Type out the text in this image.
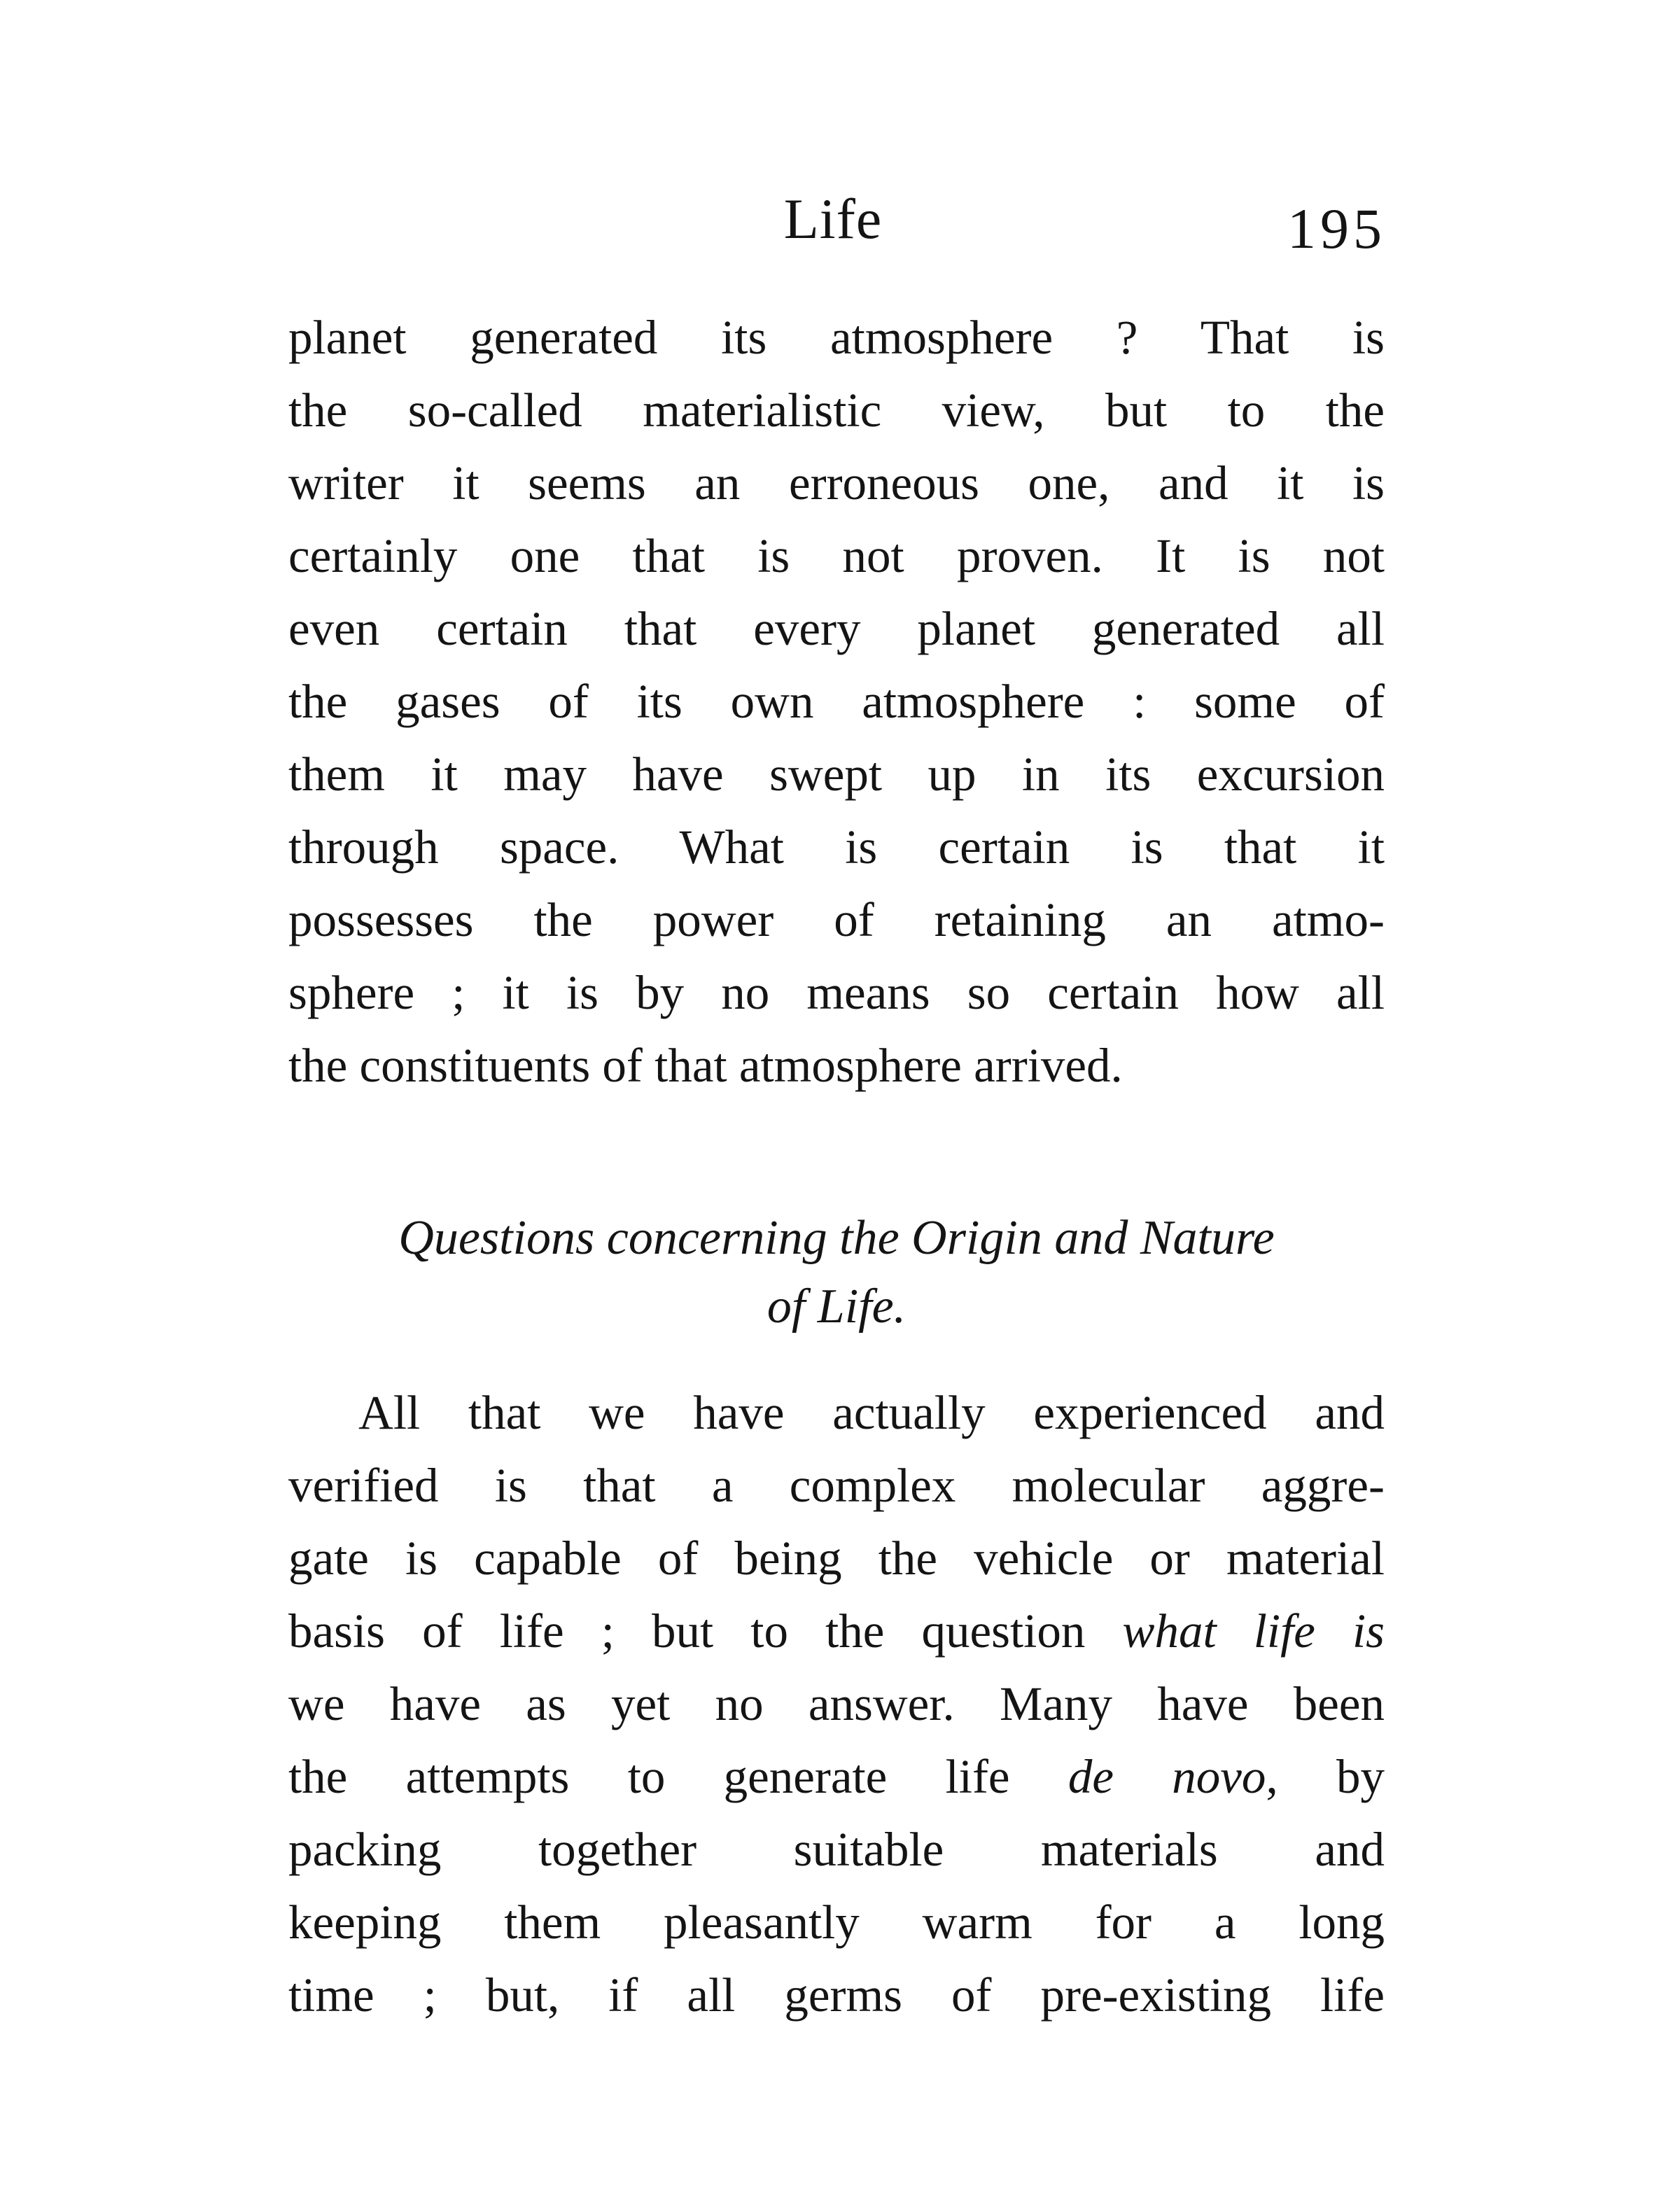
Life	195
planet generated its atmosphere ? That is
the so-called materialistic view, but to the
writer it seems an erroneous one, and it is
certainly one that is not proven. It is not
even certain that every planet generated all
the gases of its own atmosphere : some of
them it may have swept up in its excursion
through space. What is certain is that it
possesses the power of retaining an atmo-
sphere ; it is by no means so certain how all
the constituents of that atmosphere arrived.
Questions concerning the Origin and Nature
of Life.
All that we have actually experienced and
verified is that a complex molecular aggre-
gate is capable of being the vehicle or material
basis of life ; but to the question what life is
we have as yet no answer. Many have been
the attempts to generate life de novo, by
packing together suitable materials and
keeping them pleasantly warm for a long
time ; but, if all germs of pre-existing life
